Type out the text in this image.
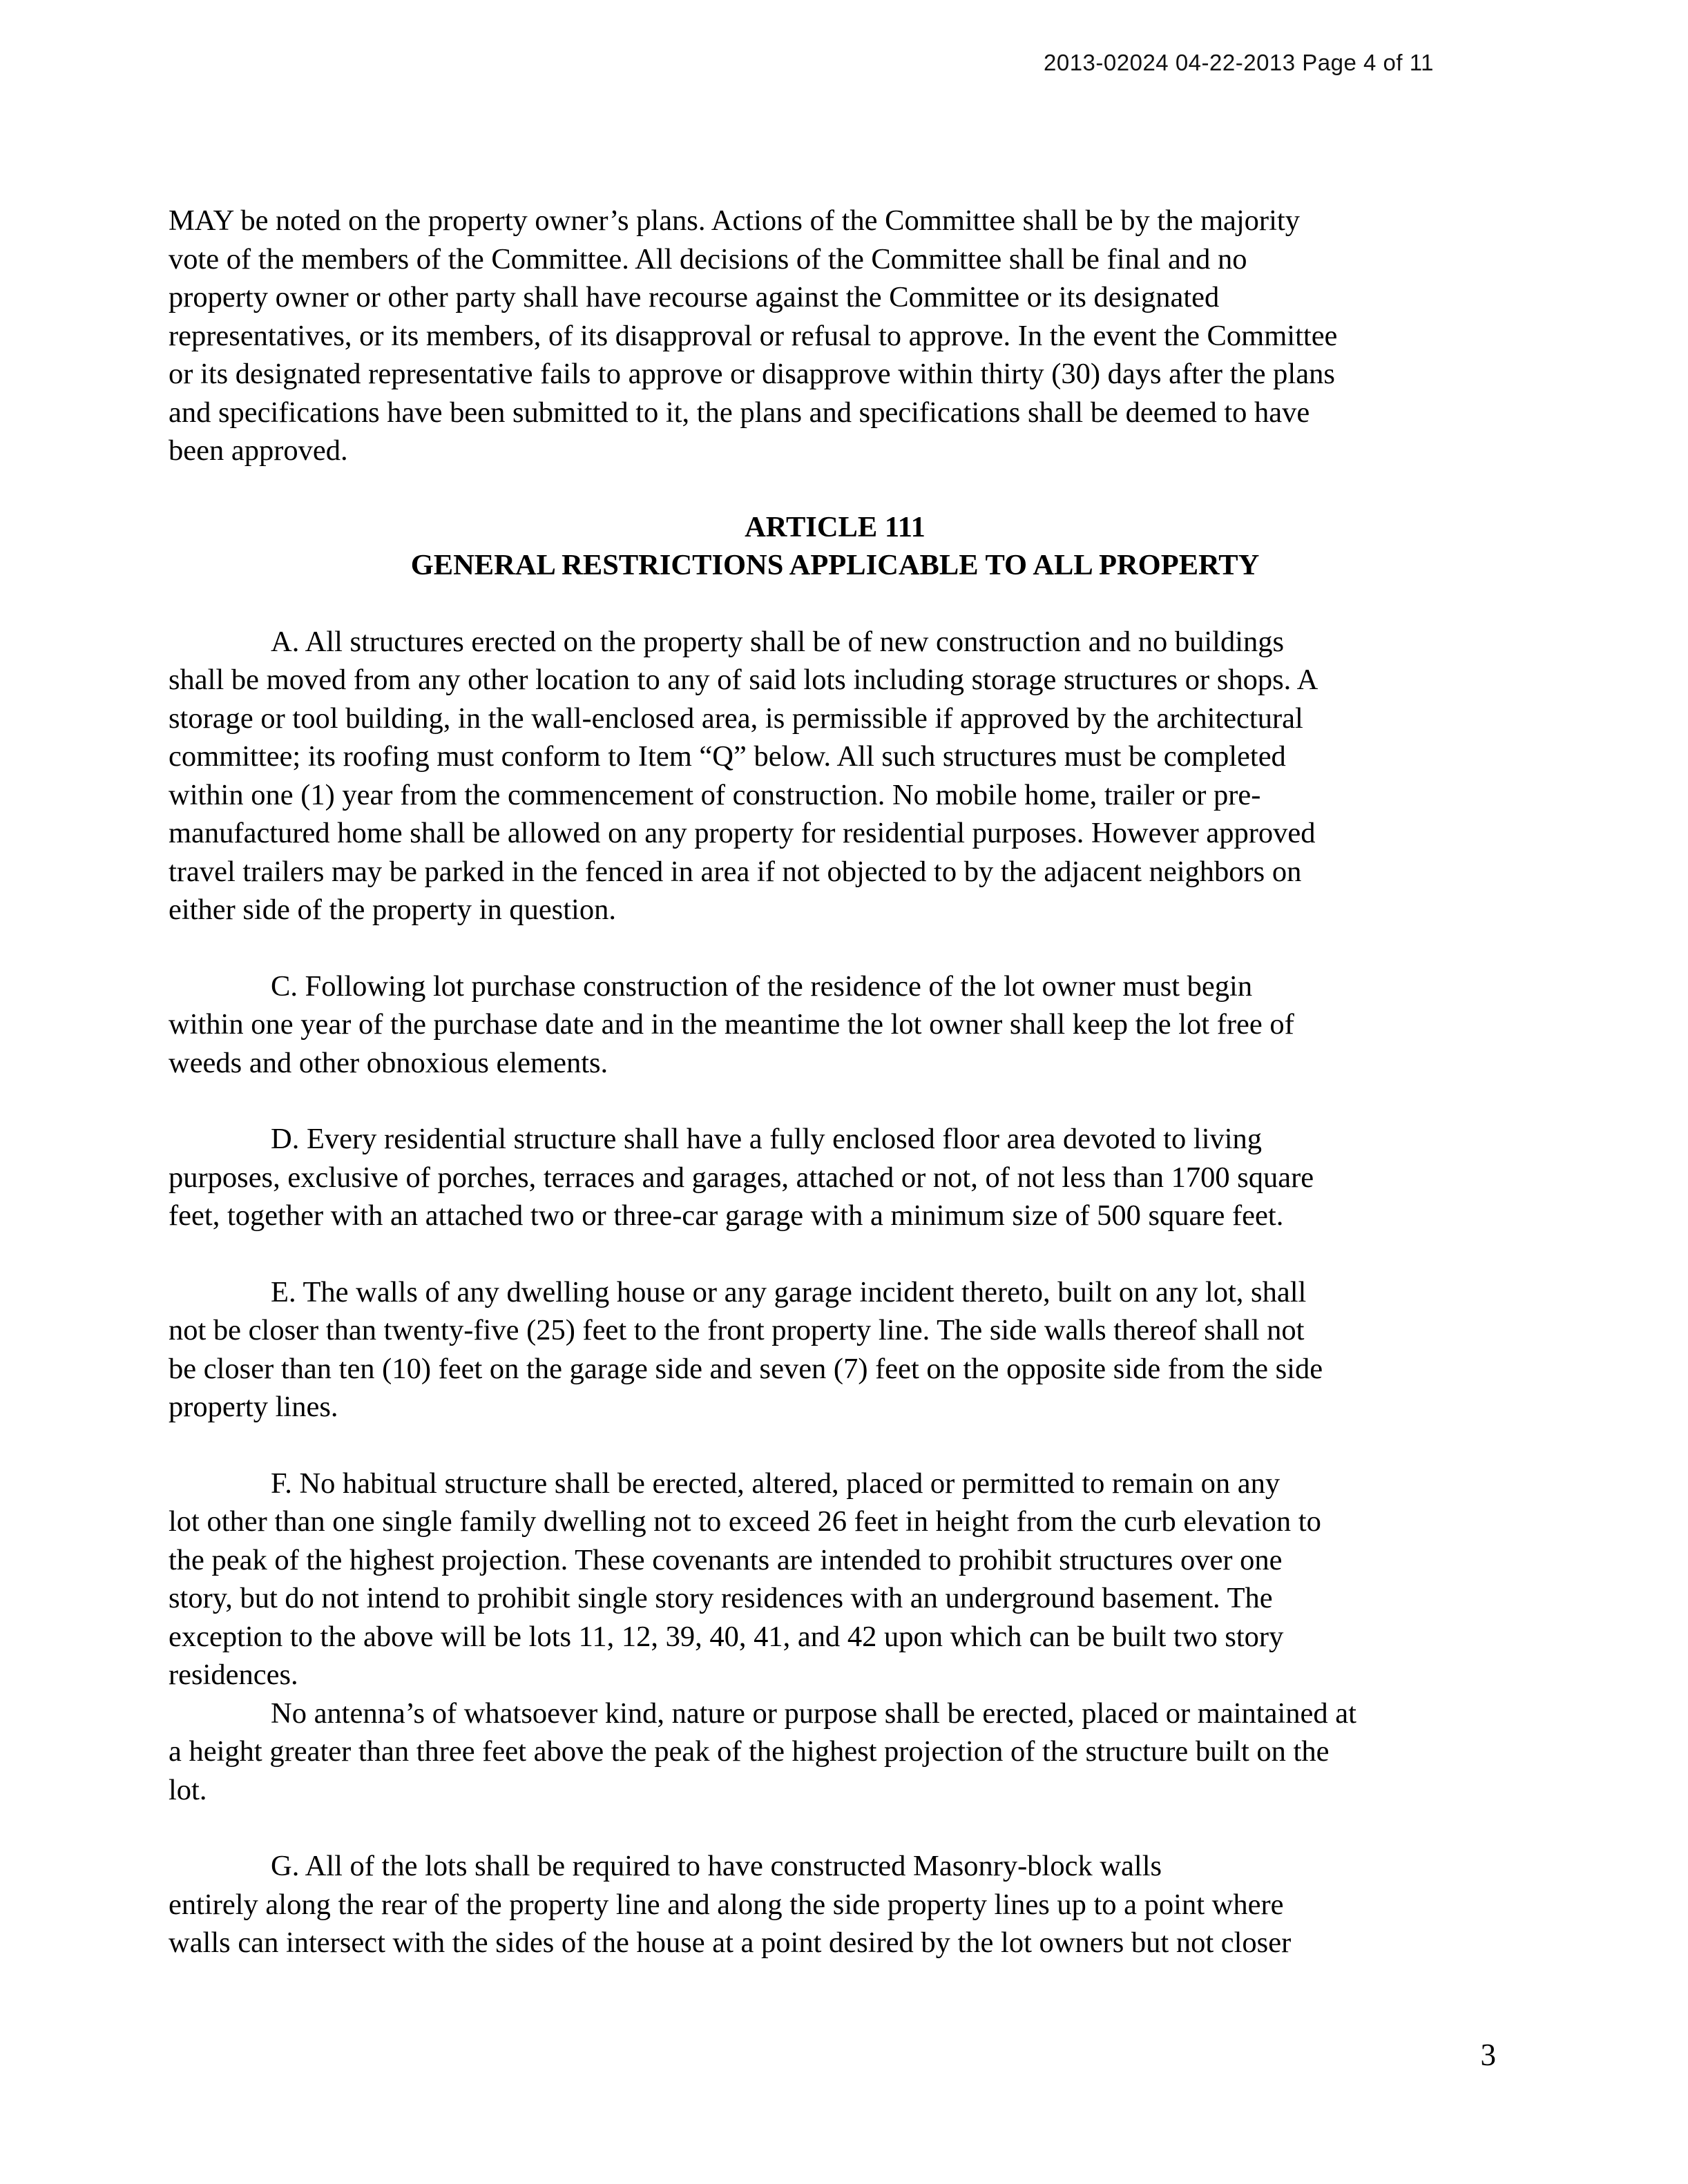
2013-02024 04-22-2013 Page 4 of 11
MAY be noted on the property owner’s plans. Actions of the Committee shall be by the majority
vote of the members of the Committee. All decisions of the Committee shall be final and no
property owner or other party shall have recourse against the Committee or its designated
representatives, or its members, of its disapproval or refusal to approve. In the event the Committee
or its designated representative fails to approve or disapprove within thirty (30) days after the plans
and specifications have been submitted to it, the plans and specifications shall be deemed to have
been approved.
ARTICLE 111
GENERAL RESTRICTIONS APPLICABLE TO ALL PROPERTY
A. All structures erected on the property shall be of new construction and no buildings
shall be moved from any other location to any of said lots including storage structures or shops. A
storage or tool building, in the wall-enclosed area, is permissible if approved by the architectural
committee; its roofing must conform to Item “Q” below. All such structures must be completed
within one (1) year from the commencement of construction. No mobile home, trailer or pre-
manufactured home shall be allowed on any property for residential purposes. However approved
travel trailers may be parked in the fenced in area if not objected to by the adjacent neighbors on
either side of the property in question.
C. Following lot purchase construction of the residence of the lot owner must begin
within one year of the purchase date and in the meantime the lot owner shall keep the lot free of
weeds and other obnoxious elements.
D. Every residential structure shall have a fully enclosed floor area devoted to living
purposes, exclusive of porches, terraces and garages, attached or not, of not less than 1700 square
feet, together with an attached two or three-car garage with a minimum size of 500 square feet.
E. The walls of any dwelling house or any garage incident thereto, built on any lot, shall
not be closer than twenty-five (25) feet to the front property line. The side walls thereof shall not
be closer than ten (10) feet on the garage side and seven (7) feet on the opposite side from the side
property lines.
F. No habitual structure shall be erected, altered, placed or permitted to remain on any
lot other than one single family dwelling not to exceed 26 feet in height from the curb elevation to
the peak of the highest projection. These covenants are intended to prohibit structures over one
story, but do not intend to prohibit single story residences with an underground basement. The
exception to the above will be lots 11, 12, 39, 40, 41, and 42 upon which can be built two story
residences.
No antenna’s of whatsoever kind, nature or purpose shall be erected, placed or maintained at
a height greater than three feet above the peak of the highest projection of the structure built on the
lot.
G. All of the lots shall be required to have constructed Masonry-block walls
entirely along the rear of the property line and along the side property lines up to a point where
walls can intersect with the sides of the house at a point desired by the lot owners but not closer
3
